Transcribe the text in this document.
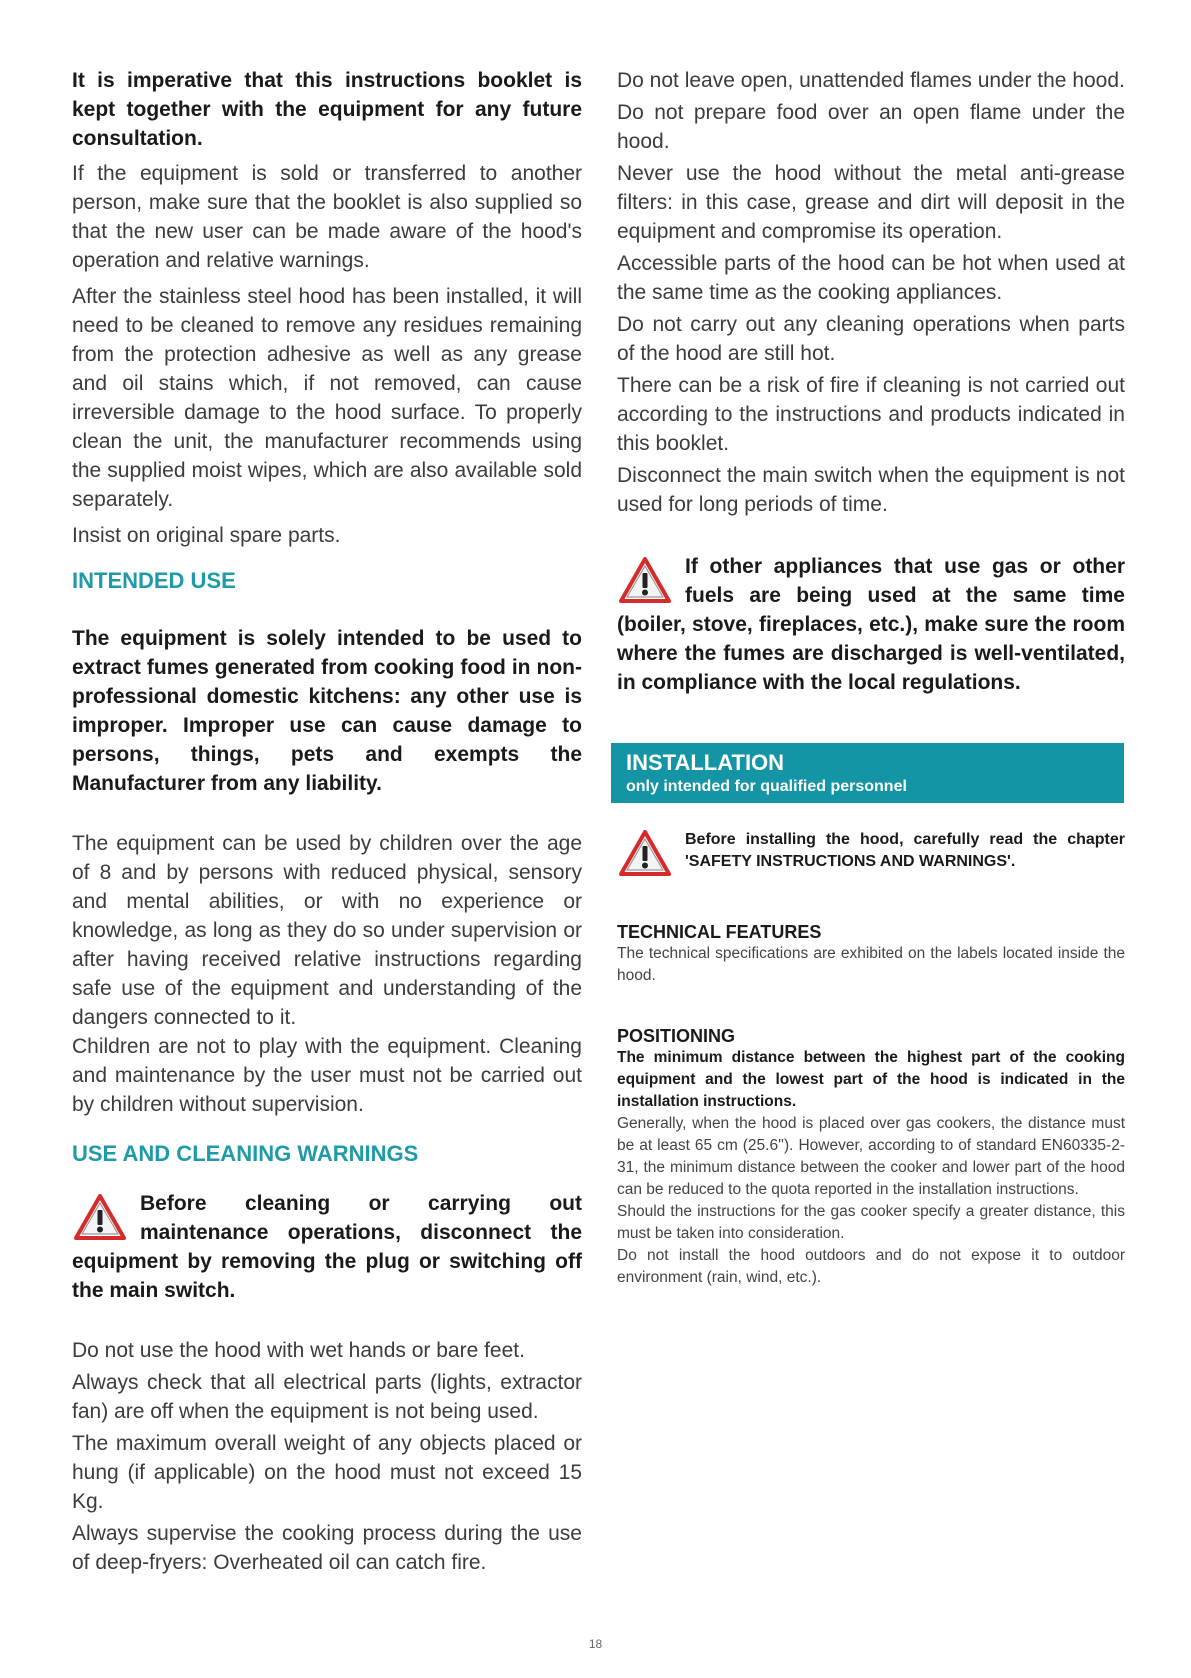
It is imperative that this instructions booklet is kept together with the equipment for any future consultation.

If the equipment is sold or transferred to another person, make sure that the booklet is also supplied so that the new user can be made aware of the hood's operation and relative warnings.

After the stainless steel hood has been installed, it will need to be cleaned to remove any residues remaining from the protection adhesive as well as any grease and oil stains which, if not removed, can cause irreversible damage to the hood surface. To properly clean the unit, the manufacturer recommends using the supplied moist wipes, which are also available sold separately.

Insist on original spare parts.

INTENDED USE

The equipment is solely intended to be used to extract fumes generated from cooking food in non-professional domestic kitchens: any other use is improper. Improper use can cause damage to persons, things, pets and exempts the Manufacturer from any liability.

The equipment can be used by children over the age of 8 and by persons with reduced physical, sensory and mental abilities, or with no experience or knowledge, as long as they do so under supervision or after having received relative instructions regarding safe use of the equipment and understanding of the dangers connected to it.

Children are not to play with the equipment. Cleaning and maintenance by the user must not be carried out by children without supervision.

USE AND CLEANING WARNINGS
Before cleaning or carrying out maintenance operations, disconnect the equipment by removing the plug or switching off the main switch.

Do not use the hood with wet hands or bare feet.

Always check that all electrical parts (lights, extractor fan) are off when the equipment is not being used.

The maximum overall weight of any objects placed or hung (if applicable) on the hood must not exceed 15 Kg.

Always supervise the cooking process during the use of deep-fryers: Overheated oil can catch fire.

Do not leave open, unattended flames under the hood.

Do not prepare food over an open flame under the hood.

Never use the hood without the metal anti-grease filters: in this case, grease and dirt will deposit in the equipment and compromise its operation.

Accessible parts of the hood can be hot when used at the same time as the cooking appliances.

Do not carry out any cleaning operations when parts of the hood are still hot.

There can be a risk of fire if cleaning is not carried out according to the instructions and products indicated in this booklet.

Disconnect the main switch when the equipment is not used for long periods of time.

If other appliances that use gas or other fuels are being used at the same time (boiler, stove, fireplaces, etc.), make sure the room where the fumes are discharged is well-ventilated, in compliance with the local regulations.
INSTALLATION
only intended for qualified personnel
Before installing the hood, carefully read the chapter 'SAFETY INSTRUCTIONS AND WARNINGS'.
TECHNICAL FEATURES

The technical specifications are exhibited on the labels located inside the hood.

POSITIONING

The minimum distance between the highest part of the cooking equipment and the lowest part of the hood is indicated in the installation instructions.

Generally, when the hood is placed over gas cookers, the distance must be at least 65 cm (25.6''). However, according to of standard EN60335-2-31, the minimum distance between the cooker and lower part of the hood can be reduced to the quota reported in the installation instructions.

Should the instructions for the gas cooker specify a greater distance, this must be taken into consideration.

Do not install the hood outdoors and do not expose it to outdoor environment (rain, wind, etc.).

18
